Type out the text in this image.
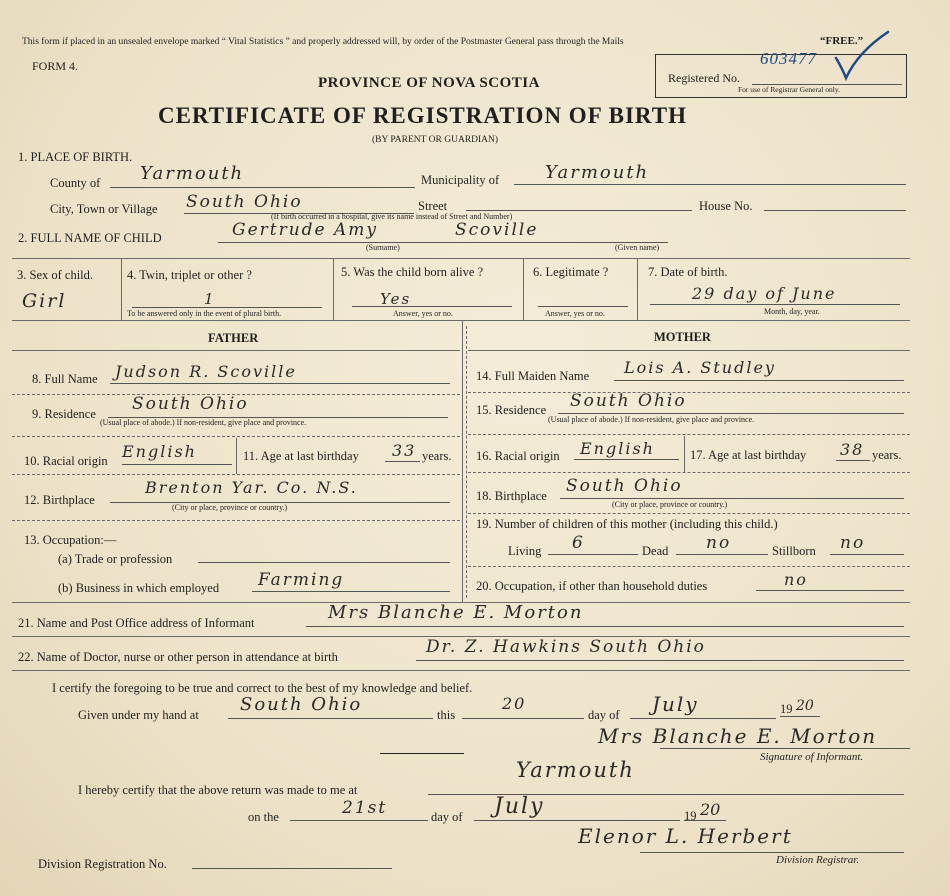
This form if placed in an unsealed envelope marked “ Vital Statistics ” and properly addressed will, by order of the Postmaster General pass through the Mails	“FREE.”
FORM 4.
PROVINCE OF NOVA SCOTIA
CERTIFICATE OF REGISTRATION OF BIRTH
(BY PARENT OR GUARDIAN)
Registered No.
603477
For use of Registrar General only.
1. PLACE OF BIRTH.
County of Yarmouth	Municipality of	Yarmouth
City, Town or Village South Ohio	Street	House No.
(If birth occurred in a hospital, give its name instead of Street and Number)
2. FULL NAME OF CHILD	Gertrude Amy	Scoville
(Surname)	(Given name)
3. Sex of child.
Girl
4. Twin, triplet or other ?
1
To be answered only in the event of plural birth.
5. Was the child born alive ?
Yes
Answer, yes or no.
6. Legitimate ?
Answer, yes or no.
7. Date of birth.
29 day of June
Month, day, year.
FATHER	MOTHER
8. Full Name Judson R. Scoville
9. Residence South Ohio
(Usual place of abode.) If non-resident, give place and province.
10. Racial origin English	11. Age at last birthday 33 years.
12. Birthplace
Brenton Yar. Co. N.S.
(City or place, province or country.)
13. Occupation:—
(a) Trade or profession
(b) Business in which employed Farming
14. Full Maiden Name Lois A. Studley
15. Residence South Ohio
(Usual place of abode.) If non-resident, give place and province.
16. Racial origin English	17. Age at last birthday 38 years.
18. Birthplace South Ohio
(City or place, province or country.)
19. Number of children of this mother (including this child.)
Living 6	Dead no	Stillborn no
20. Occupation, if other than household duties	no
21. Name and Post Office address of Informant	Mrs Blanche E. Morton
22. Name of Doctor, nurse or other person in attendance at birth	Dr. Z. Hawkins South Ohio
I certify the foregoing to be true and correct to the best of my knowledge and belief.
Given under my hand at South Ohio	this
20
day of July	19 20
Mrs Blanche E. Morton
Signature of Informant.
I hereby certify that the above return was made to me at
Yarmouth
on the	21st	day of July	19 20
Elenor L. Herbert
Division Registration No.	Division Registrar.
